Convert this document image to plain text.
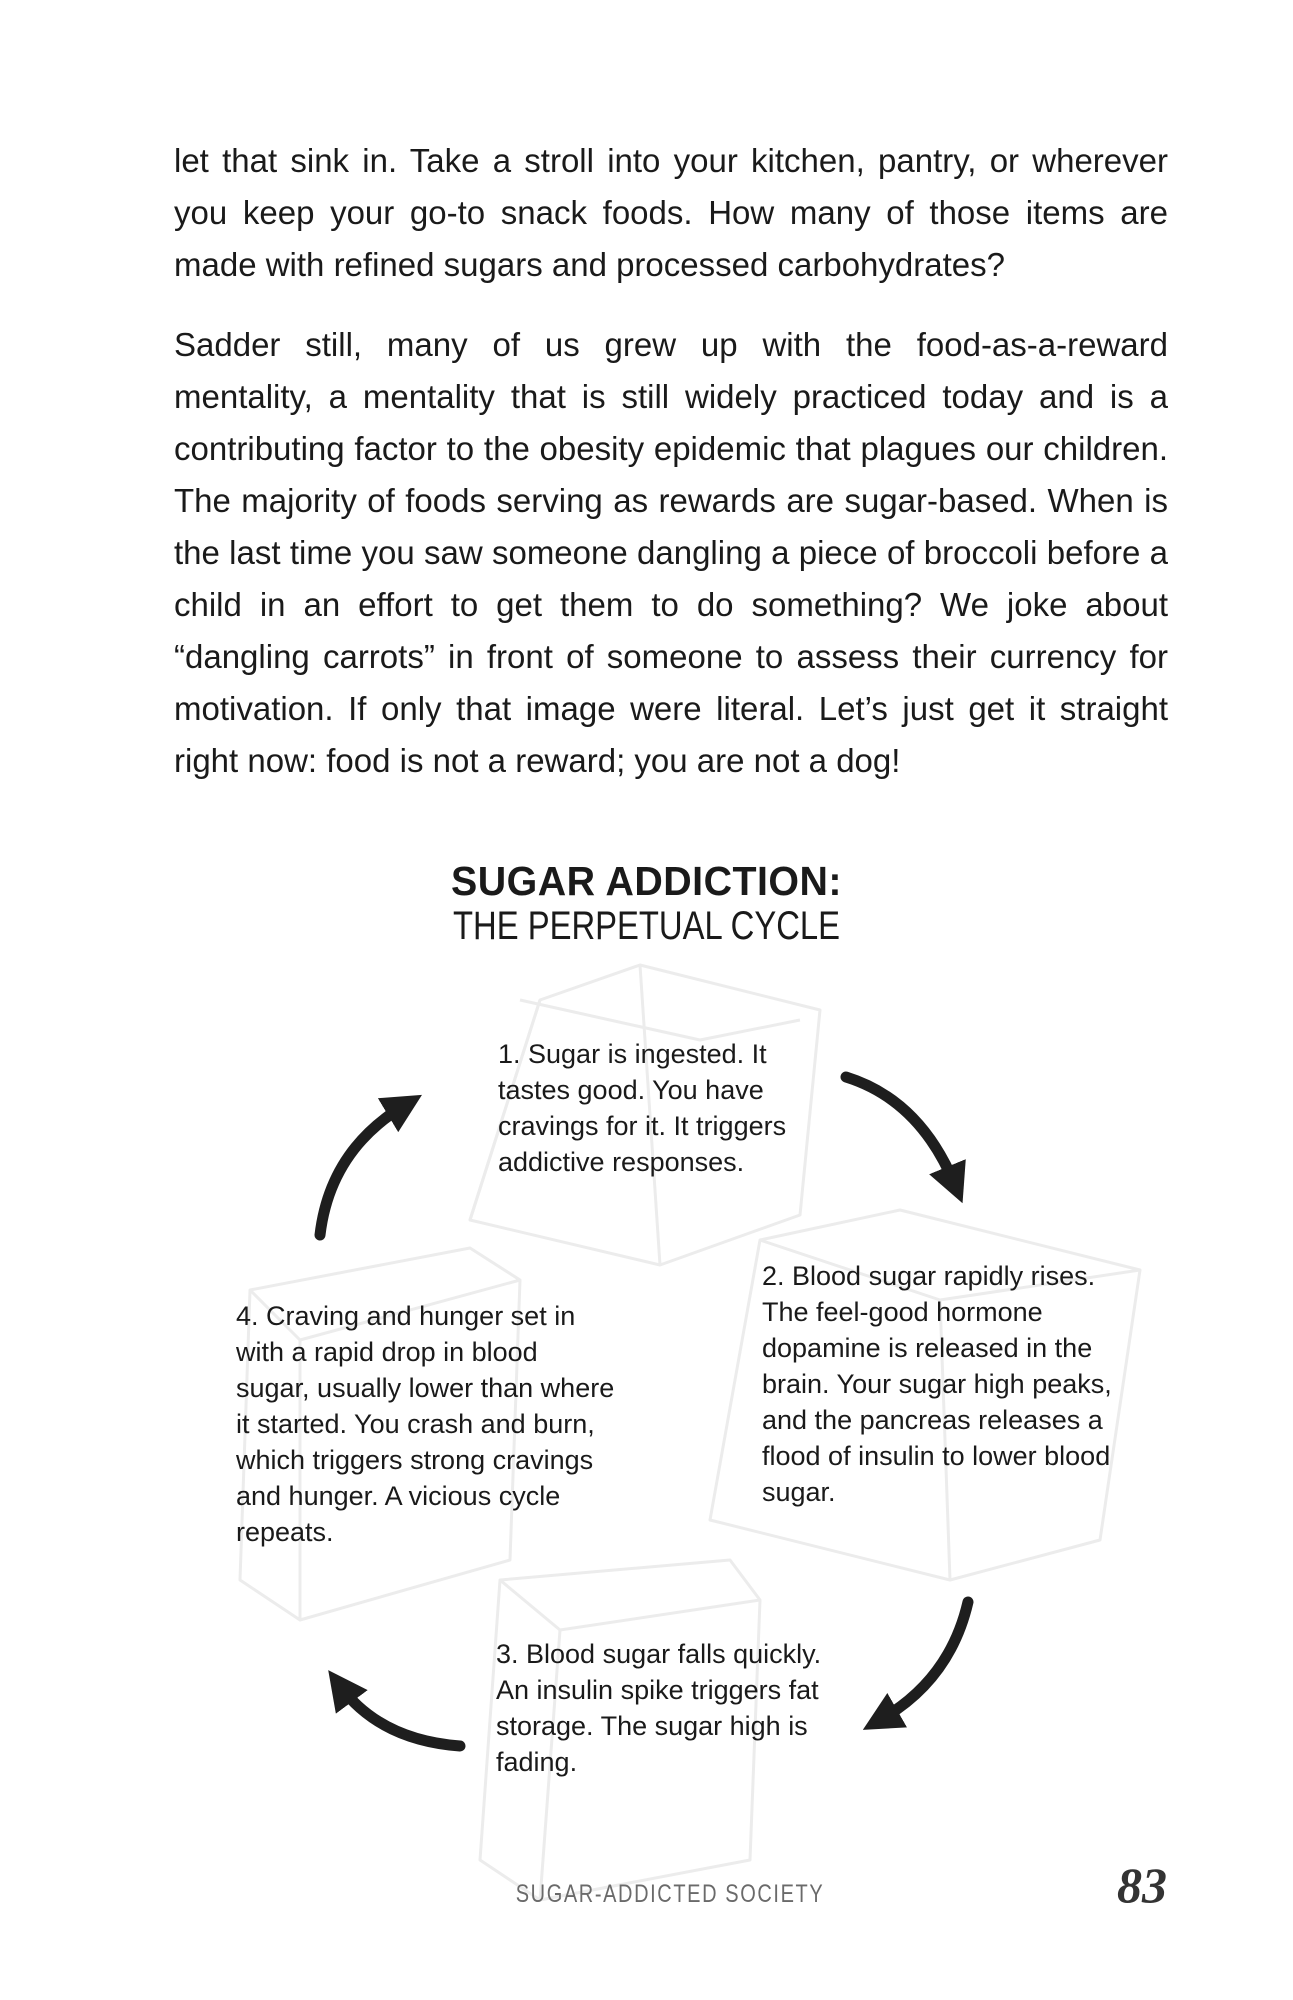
let that sink in. Take a stroll into your kitchen, pantry, or wherever you keep your go-to snack foods. How many of those items are made with refined sugars and processed carbohydrates?

Sadder still, many of us grew up with the food-as-a-reward mentality, a mentality that is still widely practiced today and is a contributing factor to the obesity epidemic that plagues our children. The majority of foods serving as rewards are sugar-based. When is the last time you saw someone dangling a piece of broccoli before a child in an effort to get them to do something? We joke about “dangling carrots” in front of someone to assess their currency for motivation. If only that image were literal. Let’s just get it straight right now: food is not a reward; you are not a dog!

SUGAR ADDICTION:
THE PERPETUAL CYCLE
1. Sugar is ingested. It tastes good. You have cravings for it. It triggers addictive responses.
2. Blood sugar rapidly rises. The feel-good hormone dopamine is released in the brain. Your sugar high peaks, and the pancreas releases a flood of insulin to lower blood sugar.
3. Blood sugar falls quickly. An insulin spike triggers fat storage. The sugar high is fading.
4. Craving and hunger set in with a rapid drop in blood sugar, usually lower than where it started. You crash and burn, which triggers strong cravings and hunger. A vicious cycle repeats.
SUGAR-ADDICTED SOCIETY	83
